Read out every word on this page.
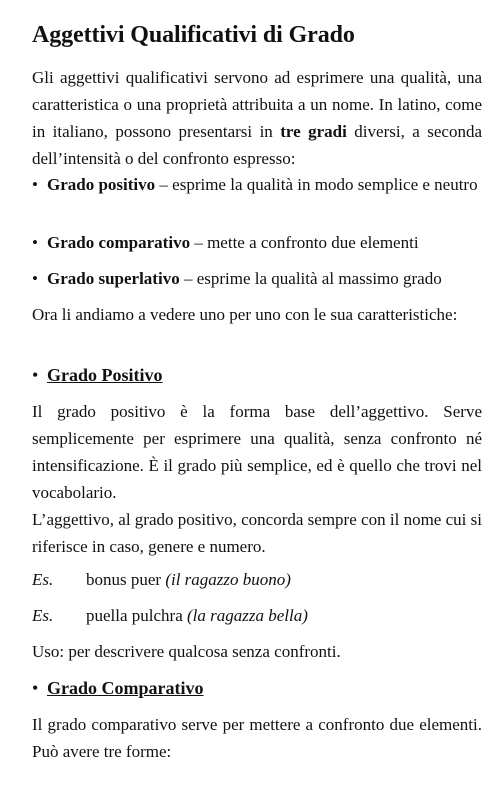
Aggettivi Qualificativi di Grado

Gli aggettivi qualificativi servono ad esprimere una qualità, una caratteristica o una proprietà attribuita a un nome. In latino, come in italiano, possono presentarsi in tre gradi diversi, a seconda dell’intensità o del confronto espresso:

• Grado positivo – esprime la qualità in modo semplice e neutro
• Grado comparativo – mette a confronto due elementi
• Grado superlativo – esprime la qualità al massimo grado

Ora li andiamo a vedere uno per uno con le sua caratteristiche:

• Grado Positivo

Il grado positivo è la forma base dell’aggettivo. Serve semplicemente per esprimere una qualità, senza confronto né intensificazione. È il grado più semplice, ed è quello che trovi nel vocabolario.

L’aggettivo, al grado positivo, concorda sempre con il nome cui si riferisce in caso, genere e numero.

Es. bonus puer (il ragazzo buono)
Es. puella pulchra (la ragazza bella)

Uso: per descrivere qualcosa senza confronti.

• Grado Comparativo

Il grado comparativo serve per mettere a confronto due elementi. Può avere tre forme:
